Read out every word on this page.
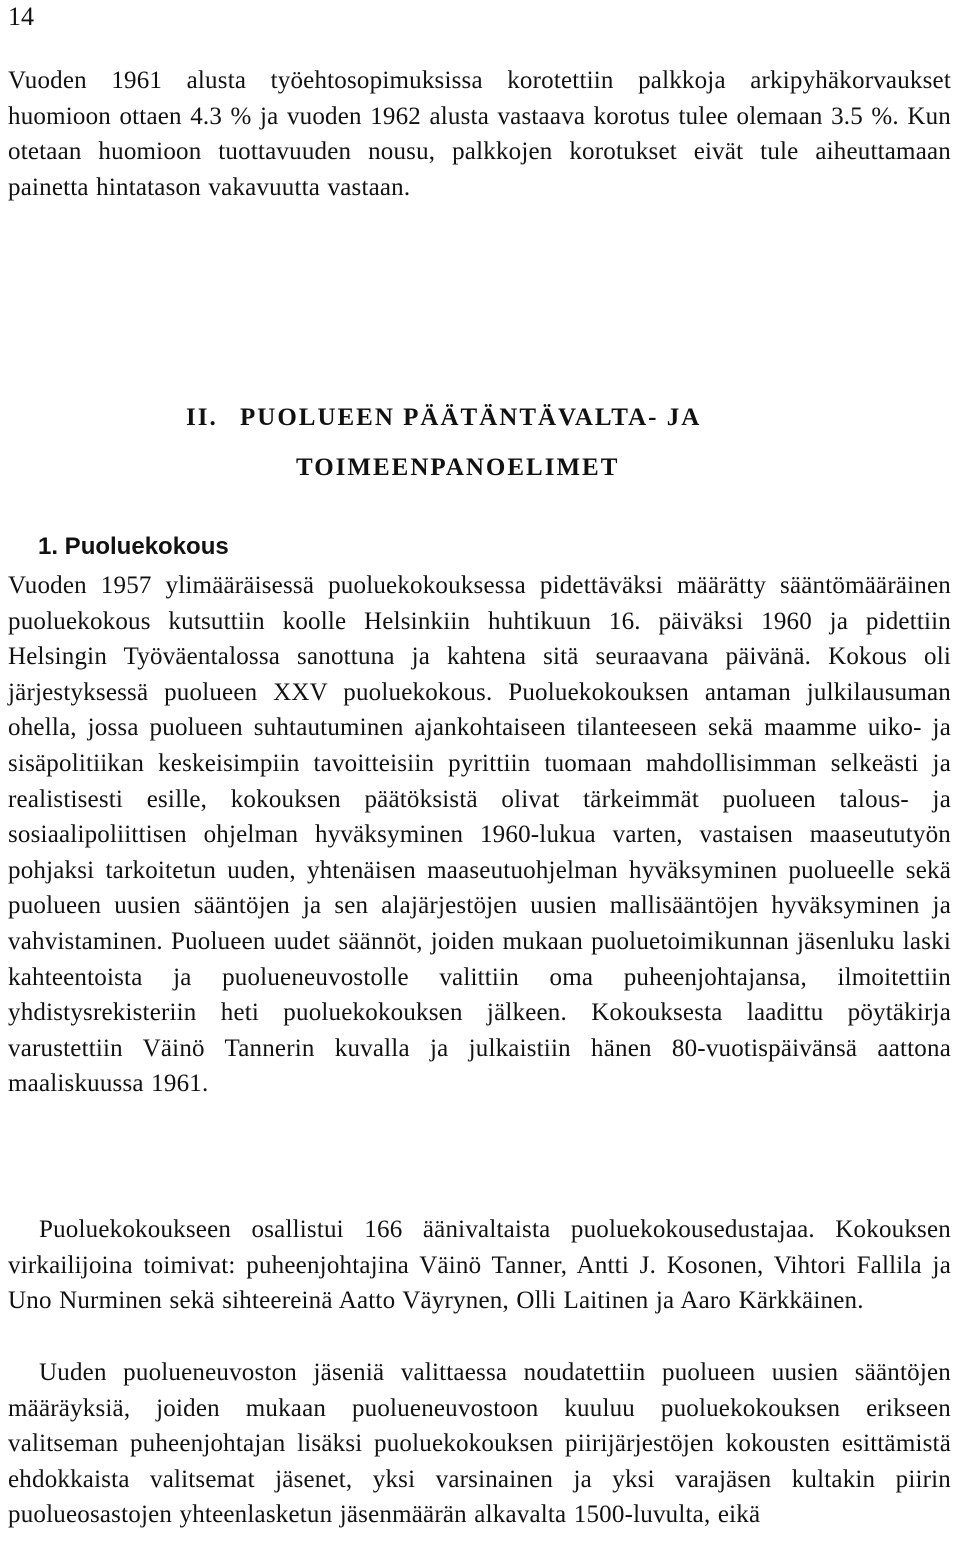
14

Vuoden 1961 alusta työehtosopimuksissa korotettiin palkkoja arkipyhäkorvaukset huomioon ottaen 4.3 % ja vuoden 1962 alusta vastaava korotus tulee olemaan 3.5 %. Kun otetaan huomioon tuottavuuden nousu, palkkojen korotukset eivät tule aiheuttamaan painetta hintatason vakavuutta vastaan.

II. PUOLUEEN PÄÄTÄNTÄVALTA- JA
TOIMEENPANOELIMET
1. Puoluekokous

Vuoden 1957 ylimääräisessä puoluekokouksessa pidettäväksi määrätty sääntömääräinen puoluekokous kutsuttiin koolle Helsinkiin huhtikuun 16. päiväksi 1960 ja pidettiin Helsingin Työväentalossa sanottuna ja kahtena sitä seuraavana päivänä. Kokous oli järjestyksessä puolueen XXV puoluekokous. Puoluekokouksen antaman julkilausuman ohella, jossa puolueen suhtautuminen ajankohtaiseen tilanteeseen sekä maamme uiko- ja sisäpolitiikan keskeisimpiin tavoitteisiin pyrittiin tuomaan mahdollisimman selkeästi ja realistisesti esille, kokouksen päätöksistä olivat tärkeimmät puolueen talous- ja sosiaalipoliittisen ohjelman hyväksyminen 1960-lukua varten, vastaisen maaseututyön pohjaksi tarkoitetun uuden, yhtenäisen maaseutuohjelman hyväksyminen puolueelle sekä puolueen uusien sääntöjen ja sen alajärjestöjen uusien mallisääntöjen hyväksyminen ja vahvistaminen. Puolueen uudet säännöt, joiden mukaan puoluetoimikunnan jäsenluku laski kahteentoista ja puolueneuvostolle valittiin oma puheenjohtajansa, ilmoitettiin yhdistysrekisteriin heti puoluekokouksen jälkeen. Kokouksesta laadittu pöytäkirja varustettiin Väinö Tannerin kuvalla ja julkaistiin hänen 80-vuotispäivänsä aattona maaliskuussa 1961.

Puoluekokoukseen osallistui 166 äänivaltaista puoluekokousedustajaa. Kokouksen virkailijoina toimivat: puheenjohtajina Väinö Tanner, Antti J. Kosonen, Vihtori Fallila ja Uno Nurminen sekä sihteereinä Aatto Väyrynen, Olli Laitinen ja Aaro Kärkkäinen.

Uuden puolueneuvoston jäseniä valittaessa noudatettiin puolueen uusien sääntöjen määräyksiä, joiden mukaan puolueneuvostoon kuuluu puoluekokouksen erikseen valitseman puheenjohtajan lisäksi puoluekokouksen piirijärjestöjen kokousten esittämistä ehdokkaista valitsemat jäsenet, yksi varsinainen ja yksi varajäsen kultakin piirin puolueosastojen yhteenlasketun jäsenmäärän alkavalta 1500-luvulta, eikä
